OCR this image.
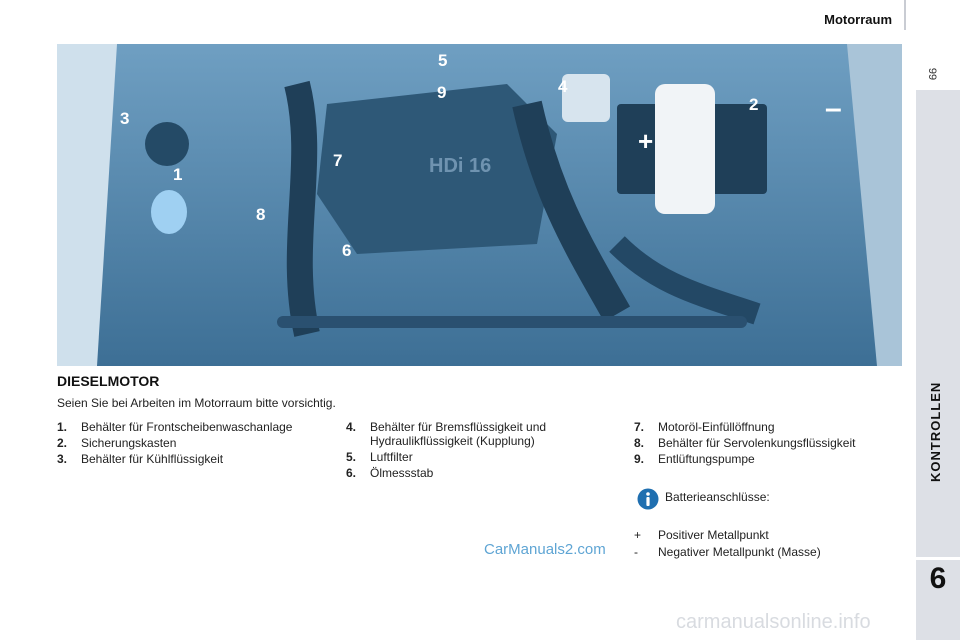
Motorraum
99
6
HDi 16
+
–
1
2
3
4
5
6
7
8
9
DIESELMOTOR
Seien Sie bei Arbeiten im Motorraum bitte vorsichtig.
1.	Behälter für Frontscheibenwaschanlage
2.	Sicherungskasten
3.	Behälter für Kühlflüssigkeit
4.	Behälter für Bremsflüssigkeit und Hydraulikflüssigkeit (Kupplung)
5.	Luftfilter
6.	Ölmessstab
7.	Motoröl-Einfüllöffnung
8.	Behälter für Servolenkungsflüssigkeit
9.	Entlüftungspumpe
Batterieanschlüsse:
+	Positiver Metallpunkt
-	Negativer Metallpunkt (Masse)
CarManuals2.com
carmanualsonline.info
